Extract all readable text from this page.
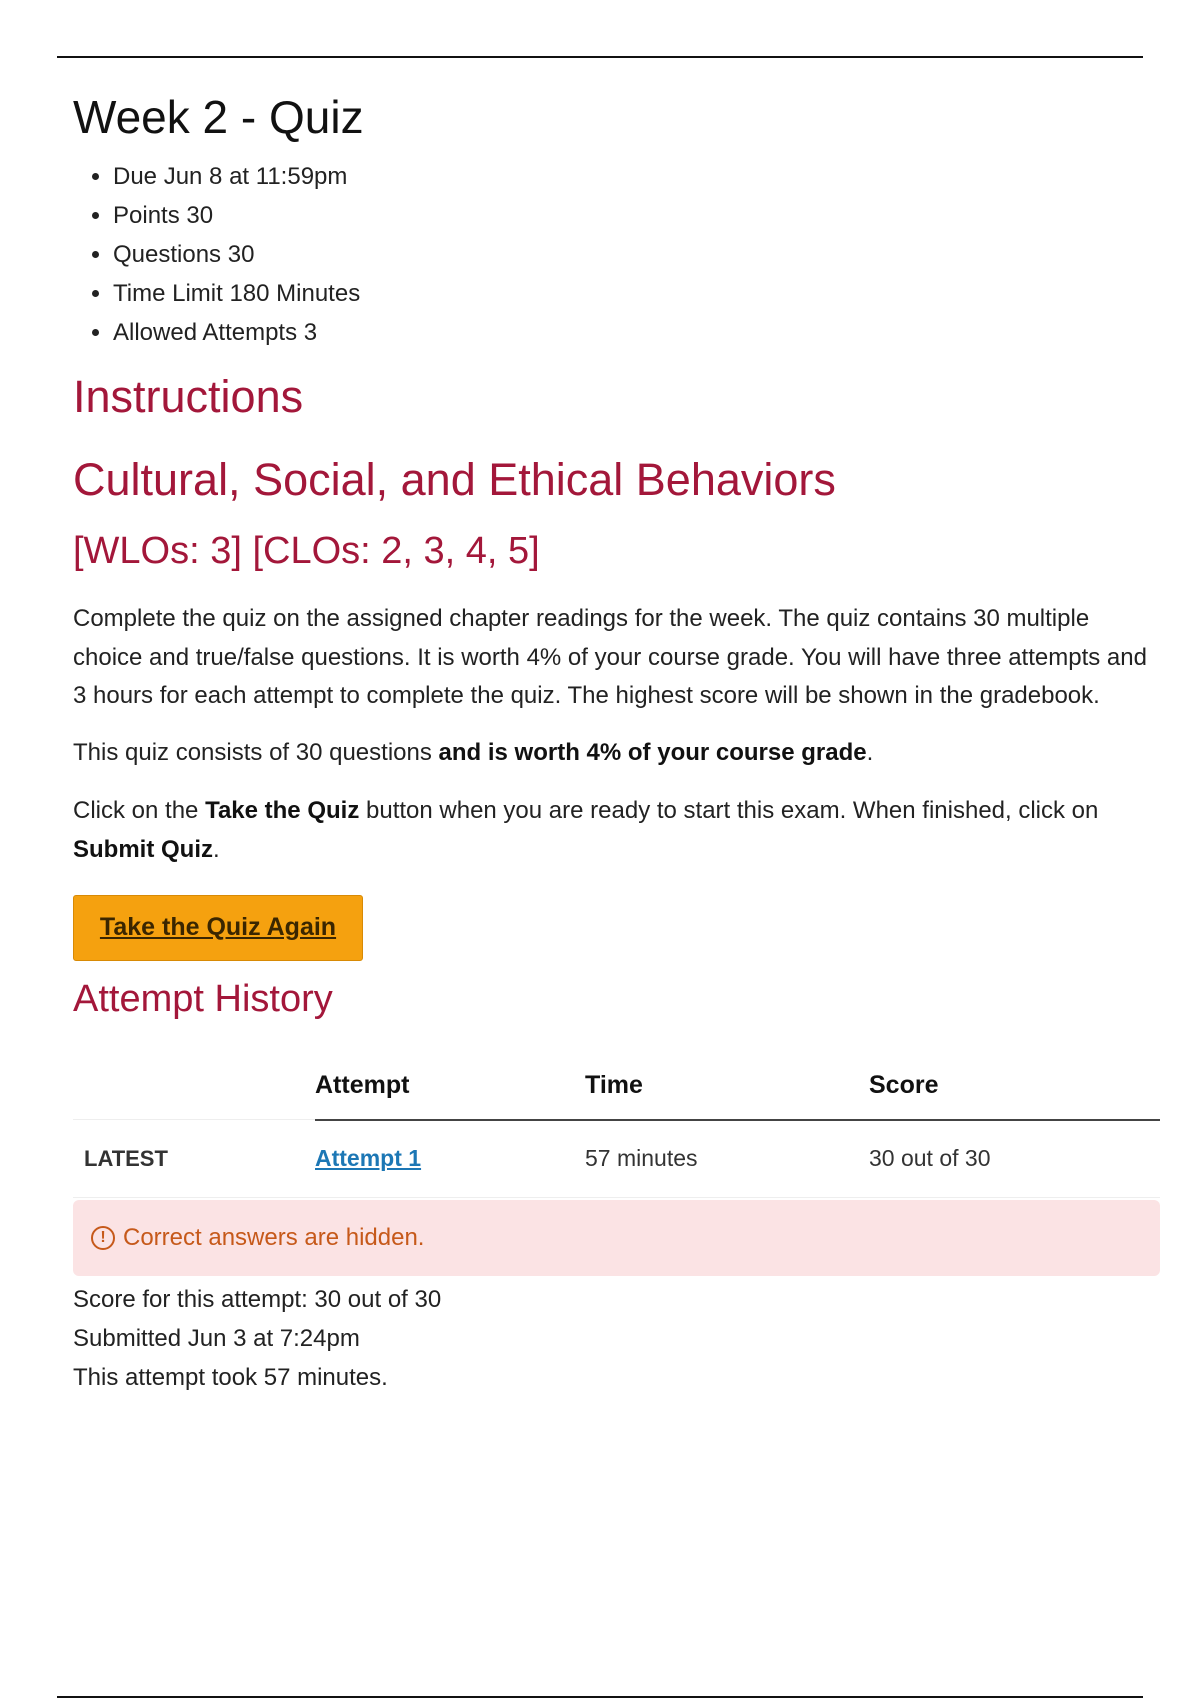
Week 2 - Quiz
• Due Jun 8 at 11:59pm
• Points 30
• Questions 30
• Time Limit 180 Minutes
• Allowed Attempts 3
Instructions
Cultural, Social, and Ethical Behaviors
[WLOs: 3] [CLOs: 2, 3, 4, 5]

Complete the quiz on the assigned chapter readings for the week. The quiz contains 30 multiple choice and true/false questions. It is worth 4% of your course grade. You will have three attempts and 3 hours for each attempt to complete the quiz. The highest score will be shown in the gradebook.

This quiz consists of 30 questions and is worth 4% of your course grade.

Click on the Take the Quiz button when you are ready to start this exam. When finished, click on Submit Quiz.

Take the Quiz Again
Attempt History
	Attempt	Time	Score
LATEST	Attempt 1	57 minutes	30 out of 30
! Correct answers are hidden.
Score for this attempt: 30 out of 30
Submitted Jun 3 at 7:24pm
This attempt took 57 minutes.
